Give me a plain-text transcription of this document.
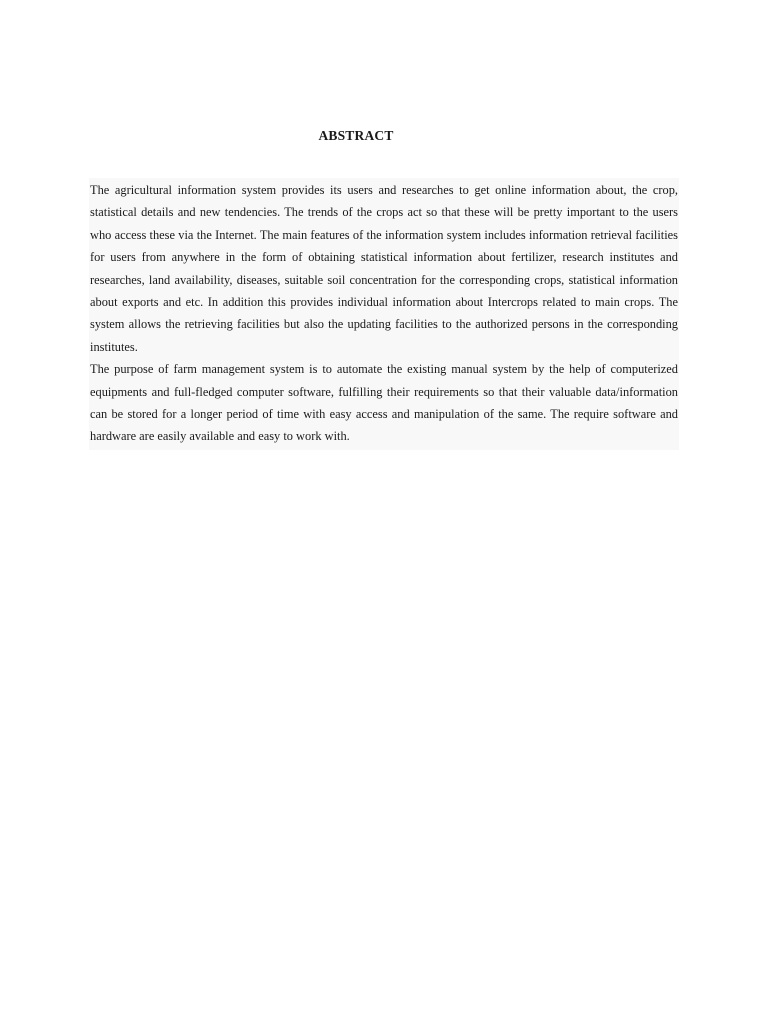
ABSTRACT

The agricultural information system provides its users and researches to get online information about, the crop, statistical details and new tendencies. The trends of the crops act so that these will be pretty important to the users who access these via the Internet. The main features of the information system includes information retrieval facilities for users from anywhere in the form of obtaining statistical information about fertilizer, research institutes and researches, land availability, diseases, suitable soil concentration for the corresponding crops, statistical information about exports and etc. In addition this provides individual information about Intercrops related to main crops. The system allows the retrieving facilities but also the updating facilities to the authorized persons in the corresponding institutes.

The purpose of farm management system is to automate the existing manual system by the help of computerized equipments and full-fledged computer software, fulfilling their requirements so that their valuable data/information can be stored for a longer period of time with easy access and manipulation of the same. The require software and hardware are easily available and easy to work with.
